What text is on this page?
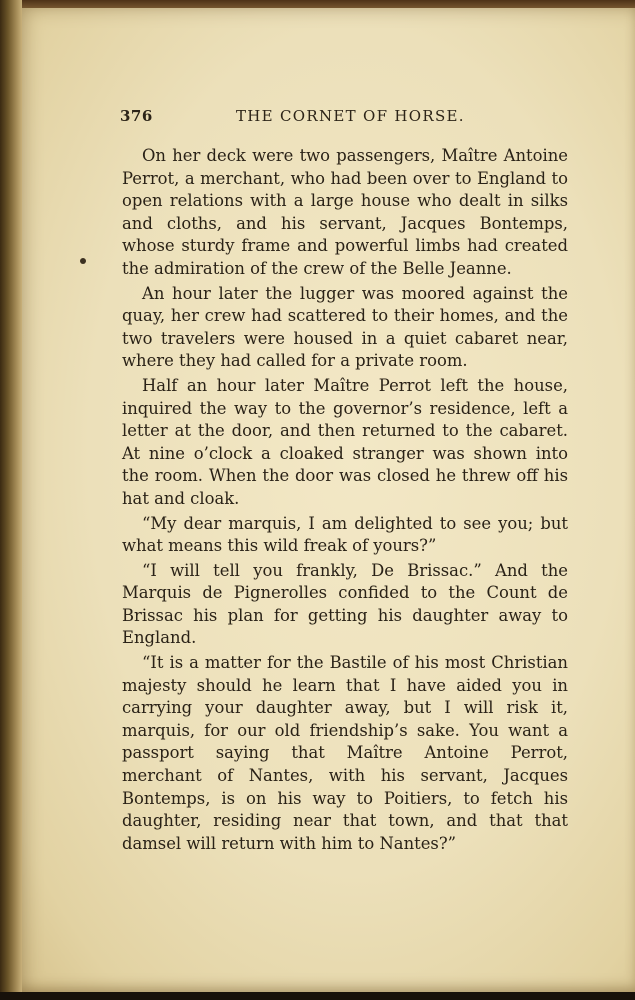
376	THE CORNET OF HORSE.

On her deck were two passengers, Maître Antoine Perrot, a merchant, who had been over to England to open relations with a large house who dealt in silks and cloths, and his servant, Jacques Bontemps, whose sturdy frame and powerful limbs had created the admiration of the crew of the Belle Jeanne.

An hour later the lugger was moored against the quay, her crew had scattered to their homes, and the two travelers were housed in a quiet cabaret near, where they had called for a private room.

Half an hour later Maître Perrot left the house, inquired the way to the governor’s residence, left a letter at the door, and then returned to the cabaret. At nine o’clock a cloaked stranger was shown into the room. When the door was closed he threw off his hat and cloak.

“My dear marquis, I am delighted to see you; but what means this wild freak of yours?”

“I will tell you frankly, De Brissac.” And the Marquis de Pignerolles confided to the Count de Brissac his plan for getting his daughter away to England.

“It is a matter for the Bastile of his most Christian majesty should he learn that I have aided you in carrying your daughter away, but I will risk it, marquis, for our old friendship’s sake. You want a passport saying that Maître Antoine Perrot, merchant of Nantes, with his servant, Jacques Bontemps, is on his way to Poitiers, to fetch his daughter, residing near that town, and that that damsel will return with him to Nantes?”
